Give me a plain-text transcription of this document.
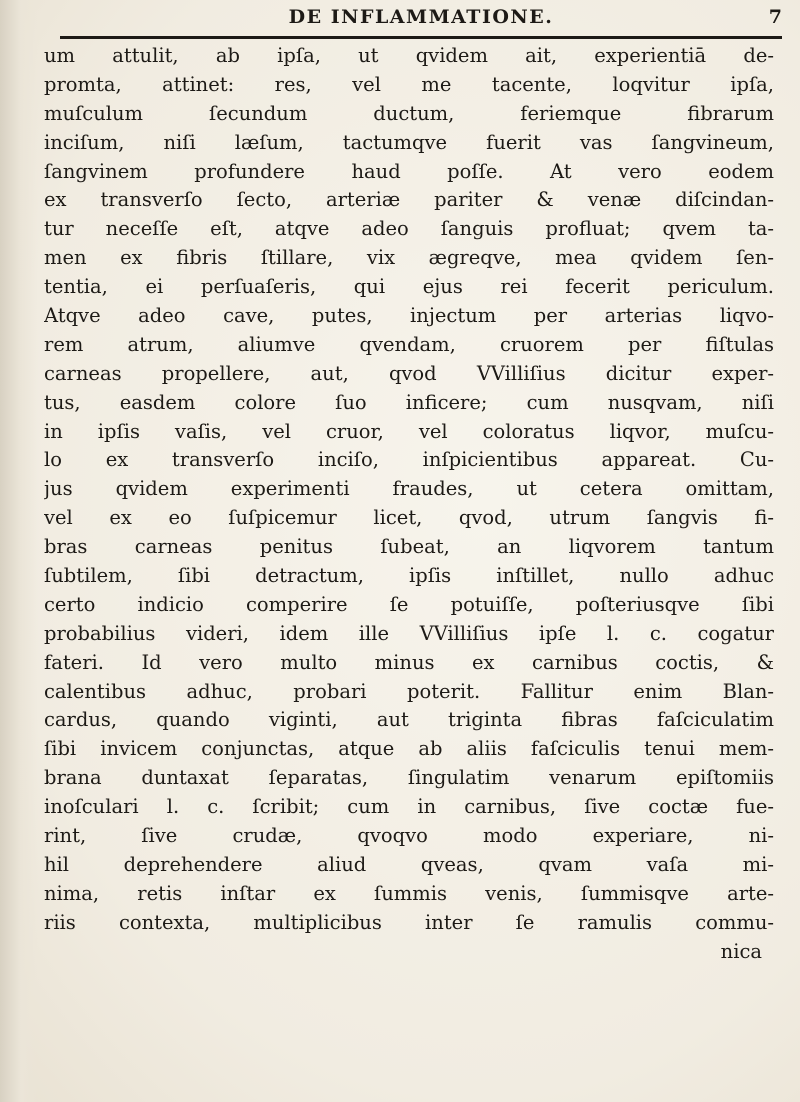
DE INFLAMMATIONE.	7
um attulit, ab ipſa, ut qvidem ait, experientiā de-
promta, attinet: res, vel me tacente, loqvitur ipſa,
muſculum ſecundum ductum, feriemque fibrarum
inciſum, niſi læſum, tactumqve fuerit vas ſangvineum,
ſangvinem profundere haud poſſe. At vero eodem
ex transverſo ſecto, arteriæ pariter & venæ diſcindan-
tur neceſſe eſt, atqve adeo ſanguis profluat; qvem ta-
men ex fibris ſtillare, vix ægreqve, mea qvidem ſen-
tentia, ei perſuaſeris, qui ejus rei fecerit periculum.
Atqve adeo cave, putes, injectum per arterias liqvo-
rem atrum, aliumve qvendam, cruorem per fiſtulas
carneas propellere, aut, qvod VVilliſius dicitur exper-
tus, easdem colore ſuo inficere; cum nusqvam, niſi
in ipſis vaſis, vel cruor, vel coloratus liqvor, muſcu-
lo ex transverſo inciſo, inſpicientibus appareat. Cu-
jus qvidem experimenti fraudes, ut cetera omittam,
vel ex eo ſuſpicemur licet, qvod, utrum ſangvis fi-
bras carneas penitus ſubeat, an liqvorem tantum
ſubtilem, ſibi detractum, ipſis inſtillet, nullo adhuc
certo indicio comperire ſe potuiſſe, poſteriusqve ſibi
probabilius videri, idem ille VVilliſius ipſe l. c. cogatur
fateri. Id vero multo minus ex carnibus coctis, &
calentibus adhuc, probari poterit. Fallitur enim Blan-
cardus, quando viginti, aut triginta fibras faſciculatim
ſibi invicem conjunctas, atque ab aliis faſciculis tenui mem-
brana duntaxat ſeparatas, ſingulatim venarum epiſtomiis
inoſculari l. c. ſcribit; cum in carnibus, ſive coctæ fue-
rint, ſive crudæ, qvoqvo modo experiare, ni-
hil deprehendere aliud qveas, qvam vaſa mi-
nima, retis inſtar ex ſummis venis, ſummisqve arte-
riis contexta, multiplicibus inter ſe ramulis commu-
nica
